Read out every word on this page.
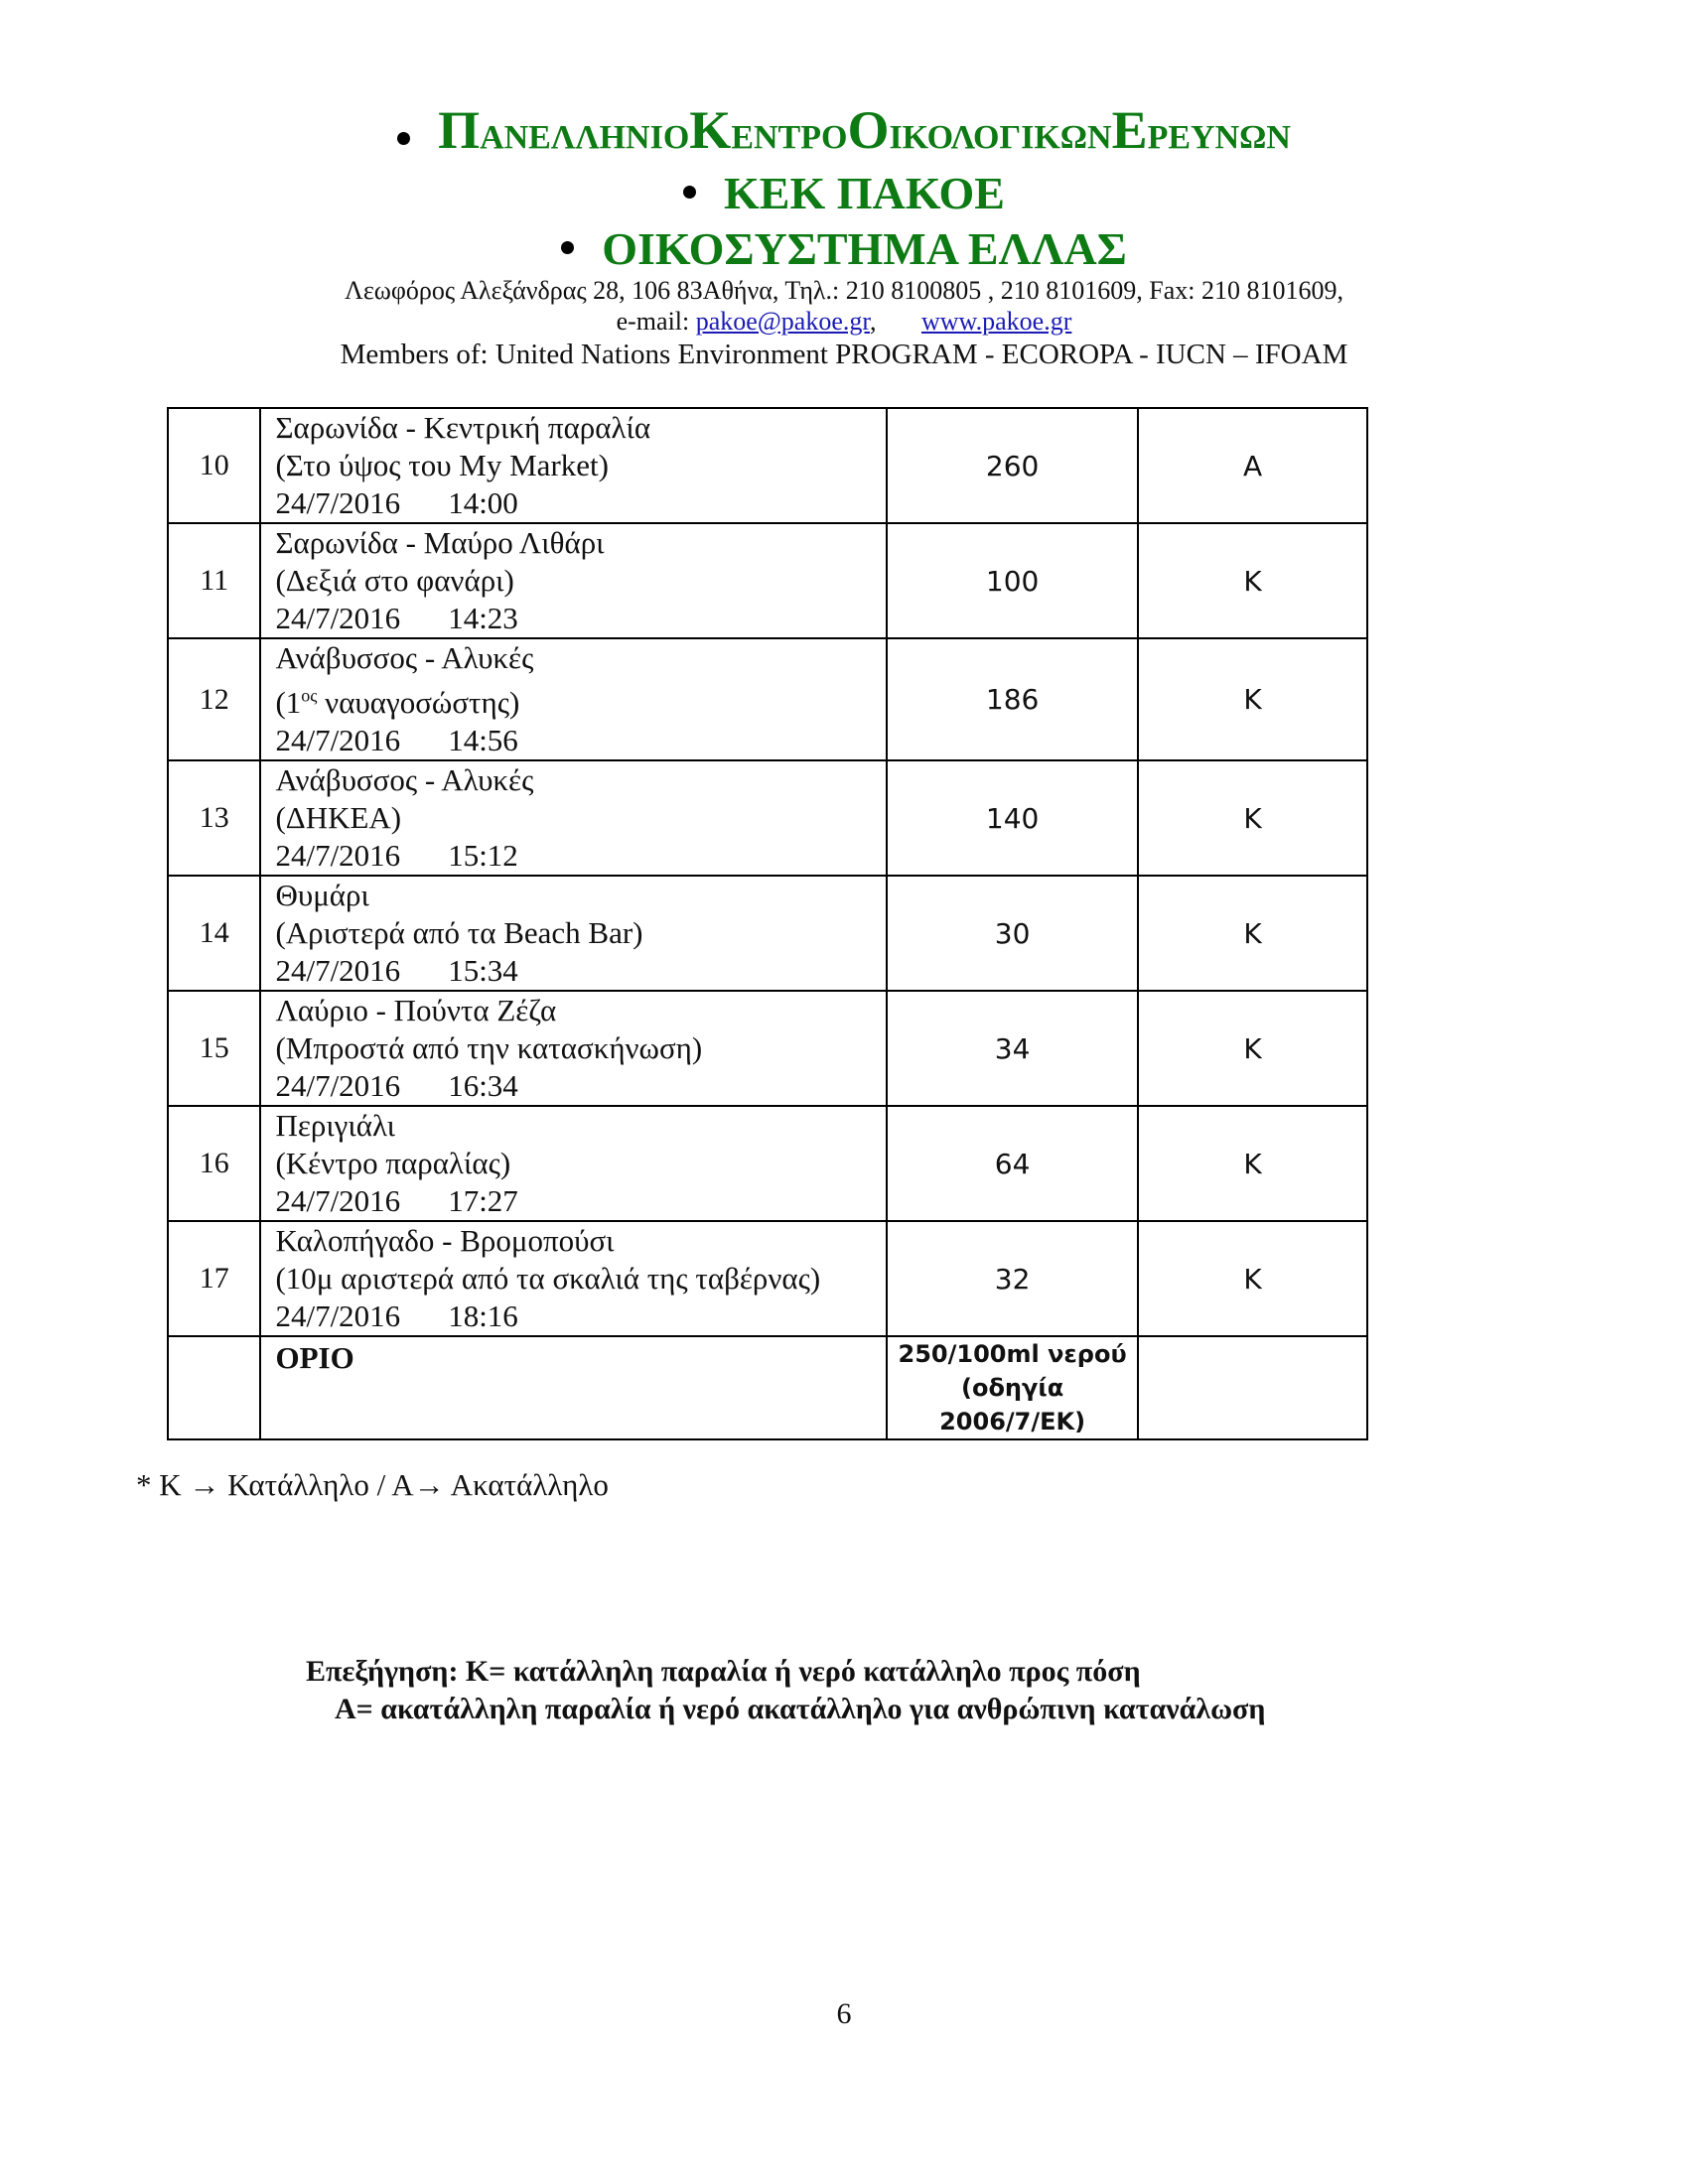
ΠΑΝΕΛΛΗΝΙΟΚΕΝΤΡΟΟΙΚΟΛΟΓΙΚΩΝΕΡΕΥΝΩΝ
ΚΕΚ ΠΑΚΟΕ
ΟΙΚΟΣΥΣΤΗΜΑ ΕΛΛΑΣ
Λεωφόρος Αλεξάνδρας 28, 106 83Αθήνα, Τηλ.: 210 8100805 , 210 8101609, Fax: 210 8101609,
e-mail: pakoe@pakoe.gr,       www.pakoe.gr
Members of: United Nations Environment PROGRAM - ECOROPA - IUCN – IFOAM
10	Σαρωνίδα - Κεντρική παραλία
(Στο ύψος του My Market)
24/7/2016 14:00	260	Α
11	Σαρωνίδα - Μαύρο Λιθάρι
(Δεξιά στο φανάρι)
24/7/2016 14:23	100	Κ
12	Ανάβυσσος - Αλυκές
($1^{o\varsigma}$ ναυαγοσώστης)
24/7/2016 14:56	186	Κ
13	Ανάβυσσος - Αλυκές
(ΔΗΚΕΑ)
24/7/2016 15:12	140	Κ
14	Θυμάρι
(Αριστερά από τα Beach Bar)
24/7/2016 15:34	30	Κ
15	Λαύριο - Πούντα Ζέζα
(Μπροστά από την κατασκήνωση)
24/7/2016 16:34	34	Κ
16	Περιγιάλι
(Κέντρο παραλίας)
24/7/2016 17:27	64	Κ
17	Καλοπήγαδο - Βρομοπούσι
(10μ αριστερά από τα σκαλιά της ταβέρνας)
24/7/2016 18:16	32	Κ
	ΟΡΙΟ	250/100ml νερού
(οδηγία
2006/7/ΕΚ)	

* Κ → Κατάλληλο / Α→ Ακατάλληλο
Επεξήγηση: Κ= κατάλληλη παραλία ή νερό κατάλληλο προς πόση
Α= ακατάλληλη παραλία ή νερό ακατάλληλο για ανθρώπινη κατανάλωση
6
